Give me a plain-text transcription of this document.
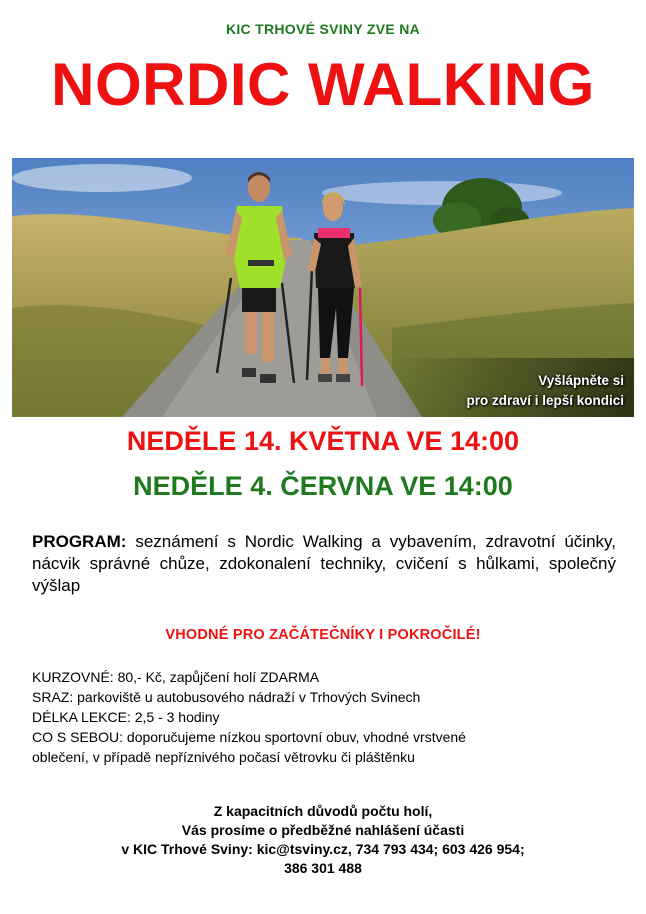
KIC TRHOVÉ SVINY ZVE NA
NORDIC WALKING
Vyšlápněte si
pro zdraví i lepší kondici
NEDĚLE 14. KVĚTNA VE 14:00
NEDĚLE 4. ČERVNA VE 14:00
PROGRAM: seznámení s Nordic Walking a vybavením, zdravotní účinky, nácvik správné chůze, zdokonalení techniky, cvičení s hůlkami, společný výšlap
VHODNÉ PRO ZAČÁTEČNÍKY I POKROČILÉ!
KURZOVNÉ: 80,- Kč, zapůjčení holí ZDARMA
SRAZ: parkoviště u autobusového nádraží v Trhových Svinech
DÉLKA LEKCE: 2,5 - 3 hodiny
CO S SEBOU: doporučujeme nízkou sportovní obuv, vhodné vrstvené
oblečení, v případě nepříznivého počasí větrovku či pláštěnku
Z kapacitních důvodů počtu holí,
Vás prosíme o předběžné nahlášení účasti
v KIC Trhové Sviny: kic@tsviny.cz, 734 793 434; 603 426 954;
386 301 488
